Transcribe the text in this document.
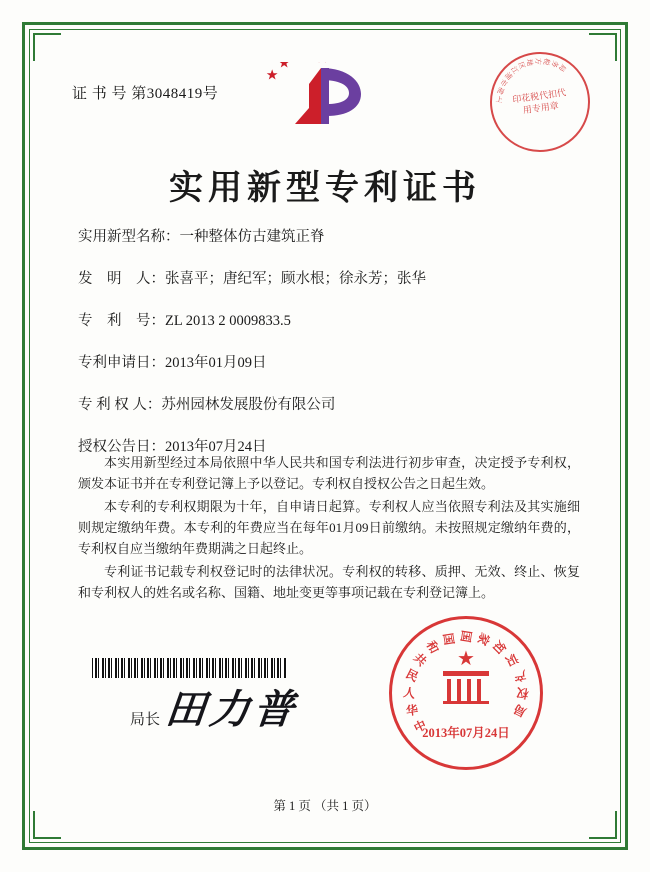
证 书 号 第3048419号	上
海
市
浦
江
区
地 方 税
务
局
印花税代扣代用专用章
实用新型专利证书
实用新型名称：一种整体仿古建筑正脊
发　明　人：张喜平；唐纪军；顾水根；徐永芳；张华
专　利　号：ZL 2013 2 0009833.5
专利申请日：2013年01月09日
专 利 权 人：苏州园林发展股份有限公司
授权公告日：2013年07月24日

本实用新型经过本局依照中华人民共和国专利法进行初步审查，决定授予专利权，颁发本证书并在专利登记簿上予以登记。专利权自授权公告之日起生效。

本专利的专利权期限为十年，自申请日起算。专利权人应当依照专利法及其实施细则规定缴纳年费。本专利的年费应当在每年01月09日前缴纳。未按照规定缴纳年费的，专利权自应当缴纳年费期满之日起终止。

专利证书记载专利权登记时的法律状况。专利权的转移、质押、无效、终止、恢复和专利权人的姓名或名称、国籍、地址变更等事项记载在专利登记簿上。

局长 田力普	中
华
人
民
共
和
国 国 家
知
识
产
权
局
★
2013年07月24日
第 1 页 （共 1 页）
